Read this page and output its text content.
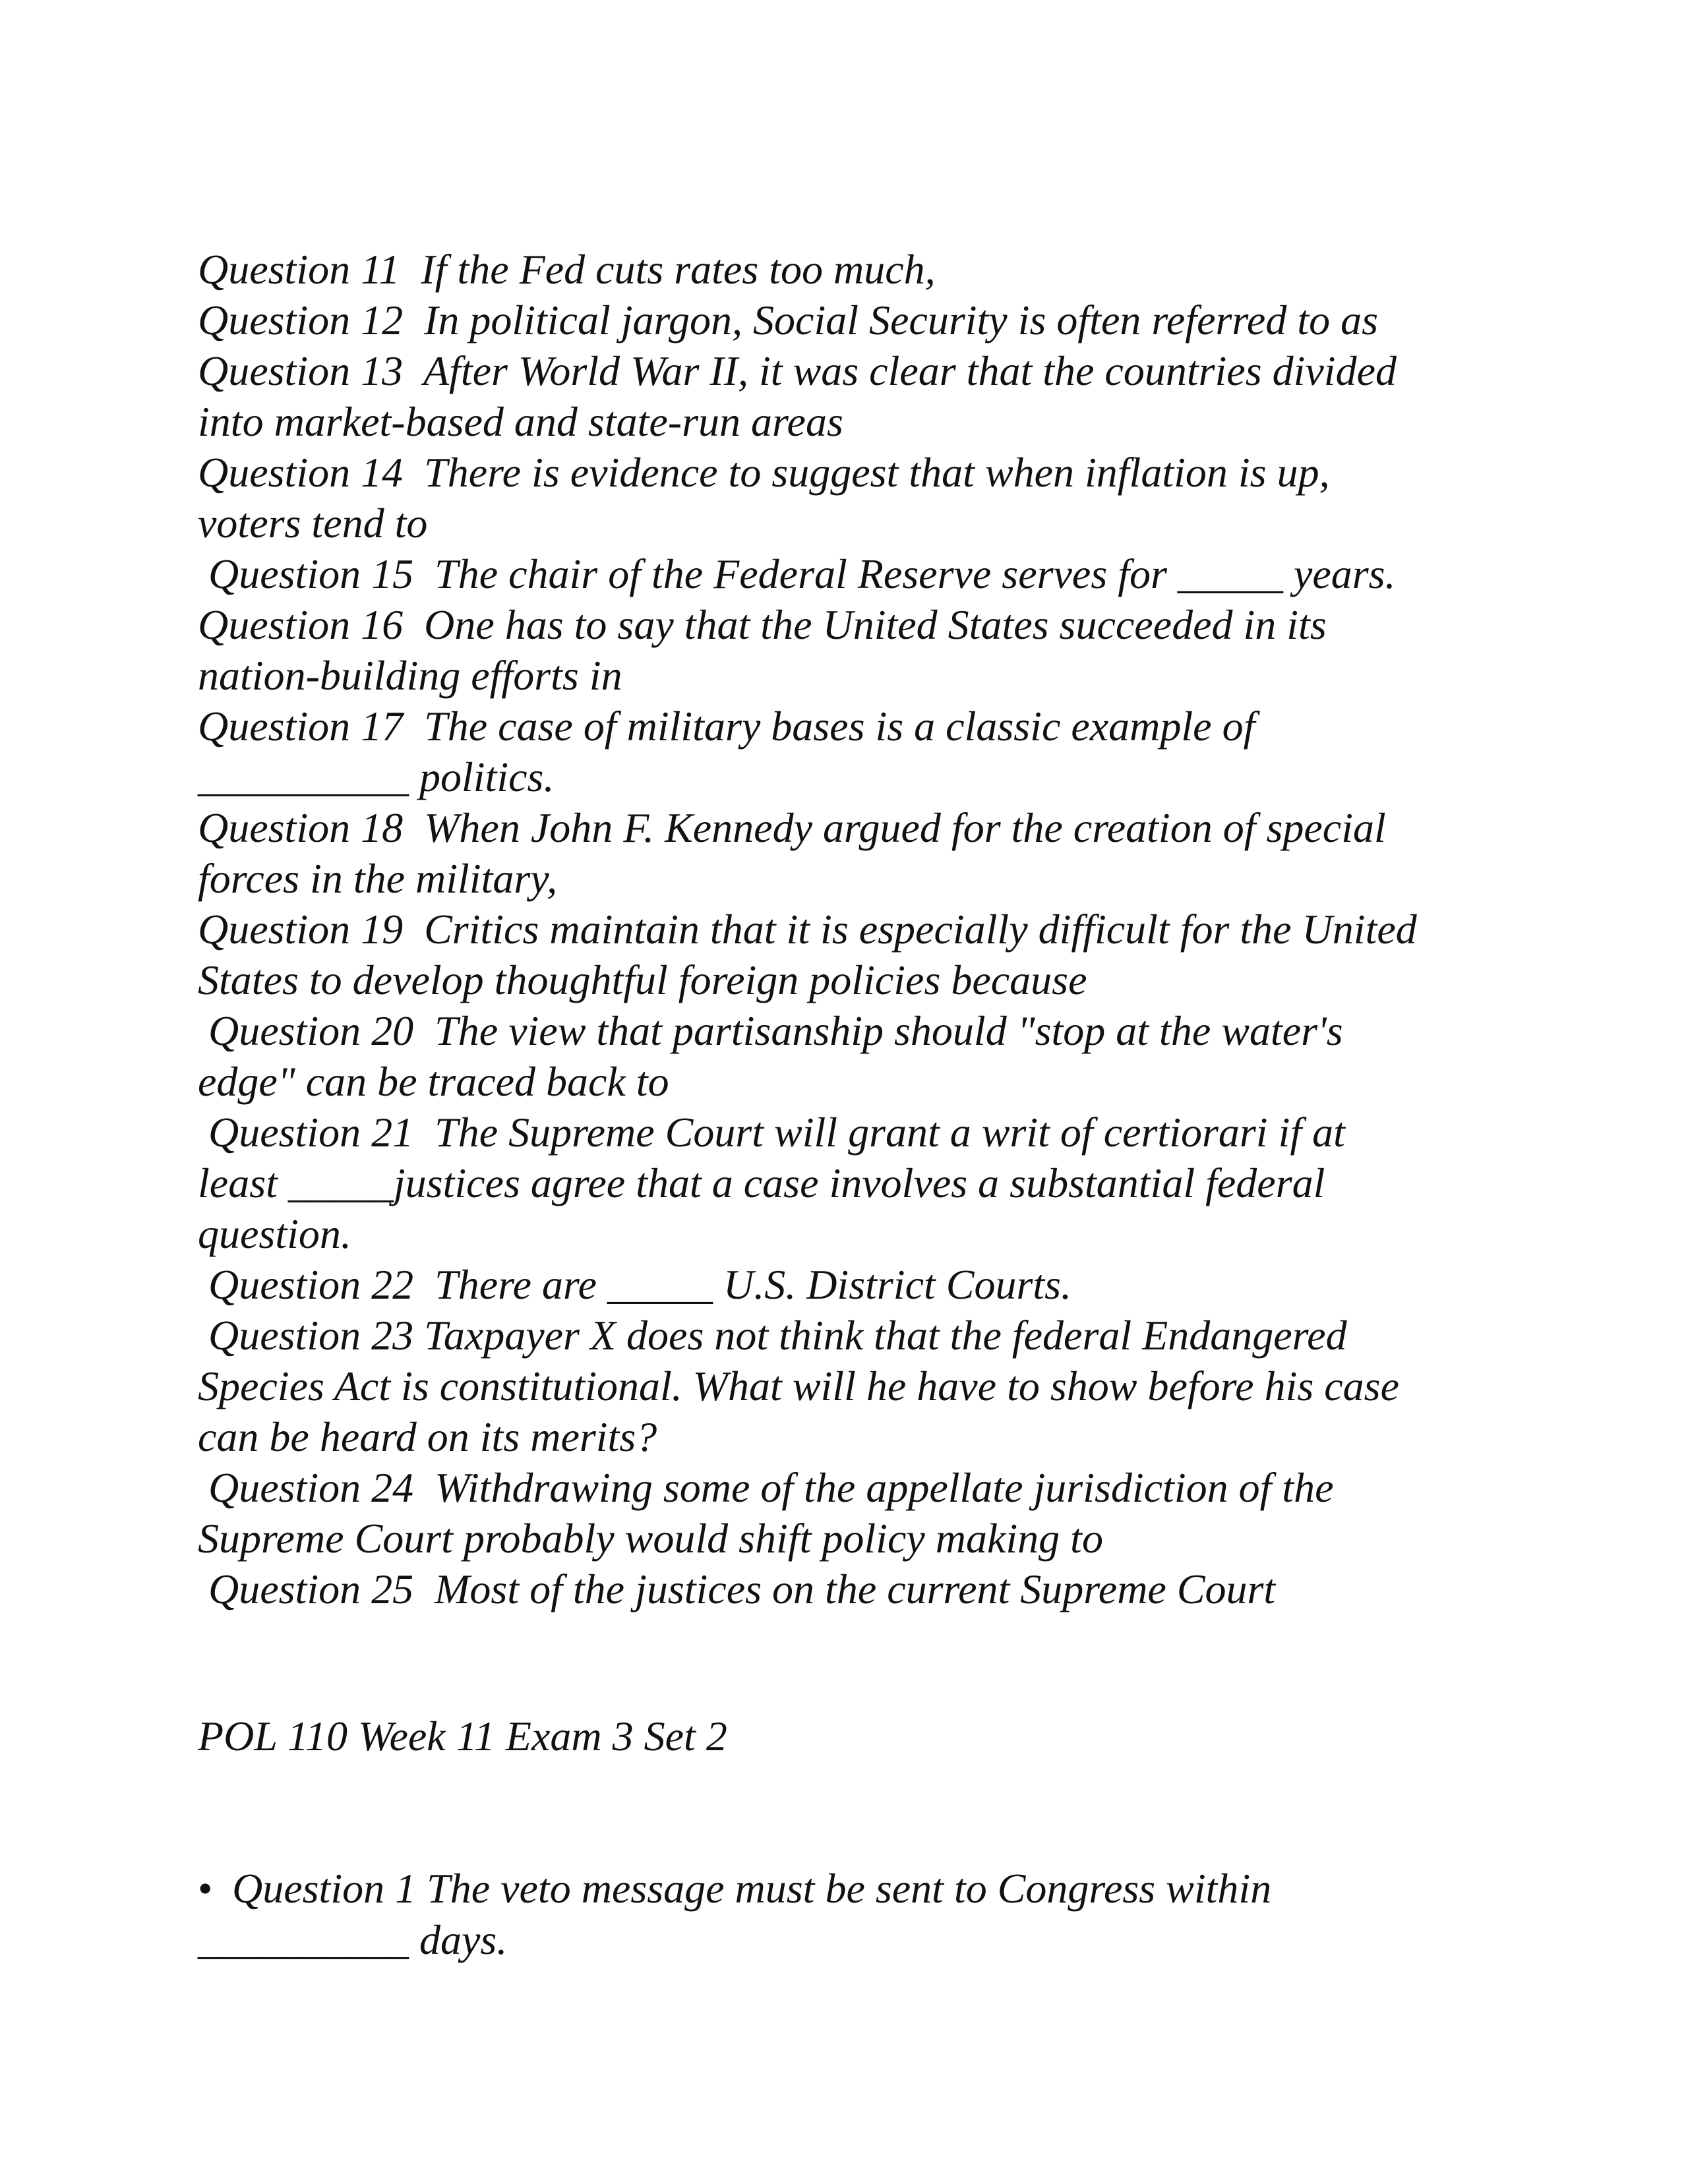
Question 11  If the Fed cuts rates too much,
Question 12  In political jargon, Social Security is often referred to as
Question 13  After World War II, it was clear that the countries divided
into market-based and state-run areas
Question 14  There is evidence to suggest that when inflation is up,
voters tend to
Question 15  The chair of the Federal Reserve serves for _____ years.
Question 16  One has to say that the United States succeeded in its
nation-building efforts in
Question 17  The case of military bases is a classic example of
__________ politics.
Question 18  When John F. Kennedy argued for the creation of special
forces in the military,
Question 19  Critics maintain that it is especially difficult for the United
States to develop thoughtful foreign policies because
Question 20  The view that partisanship should "stop at the water's
edge" can be traced back to
Question 21  The Supreme Court will grant a writ of certiorari if at
least _____justices agree that a case involves a substantial federal
question.
Question 22  There are _____ U.S. District Courts.
Question 23 Taxpayer X does not think that the federal Endangered
Species Act is constitutional. What will he have to show before his case
can be heard on its merits?
Question 24  Withdrawing some of the appellate jurisdiction of the
Supreme Court probably would shift policy making to
Question 25  Most of the justices on the current Supreme Court
POL 110 Week 11 Exam 3 Set 2
• Question 1 The veto message must be sent to Congress within
__________ days.
